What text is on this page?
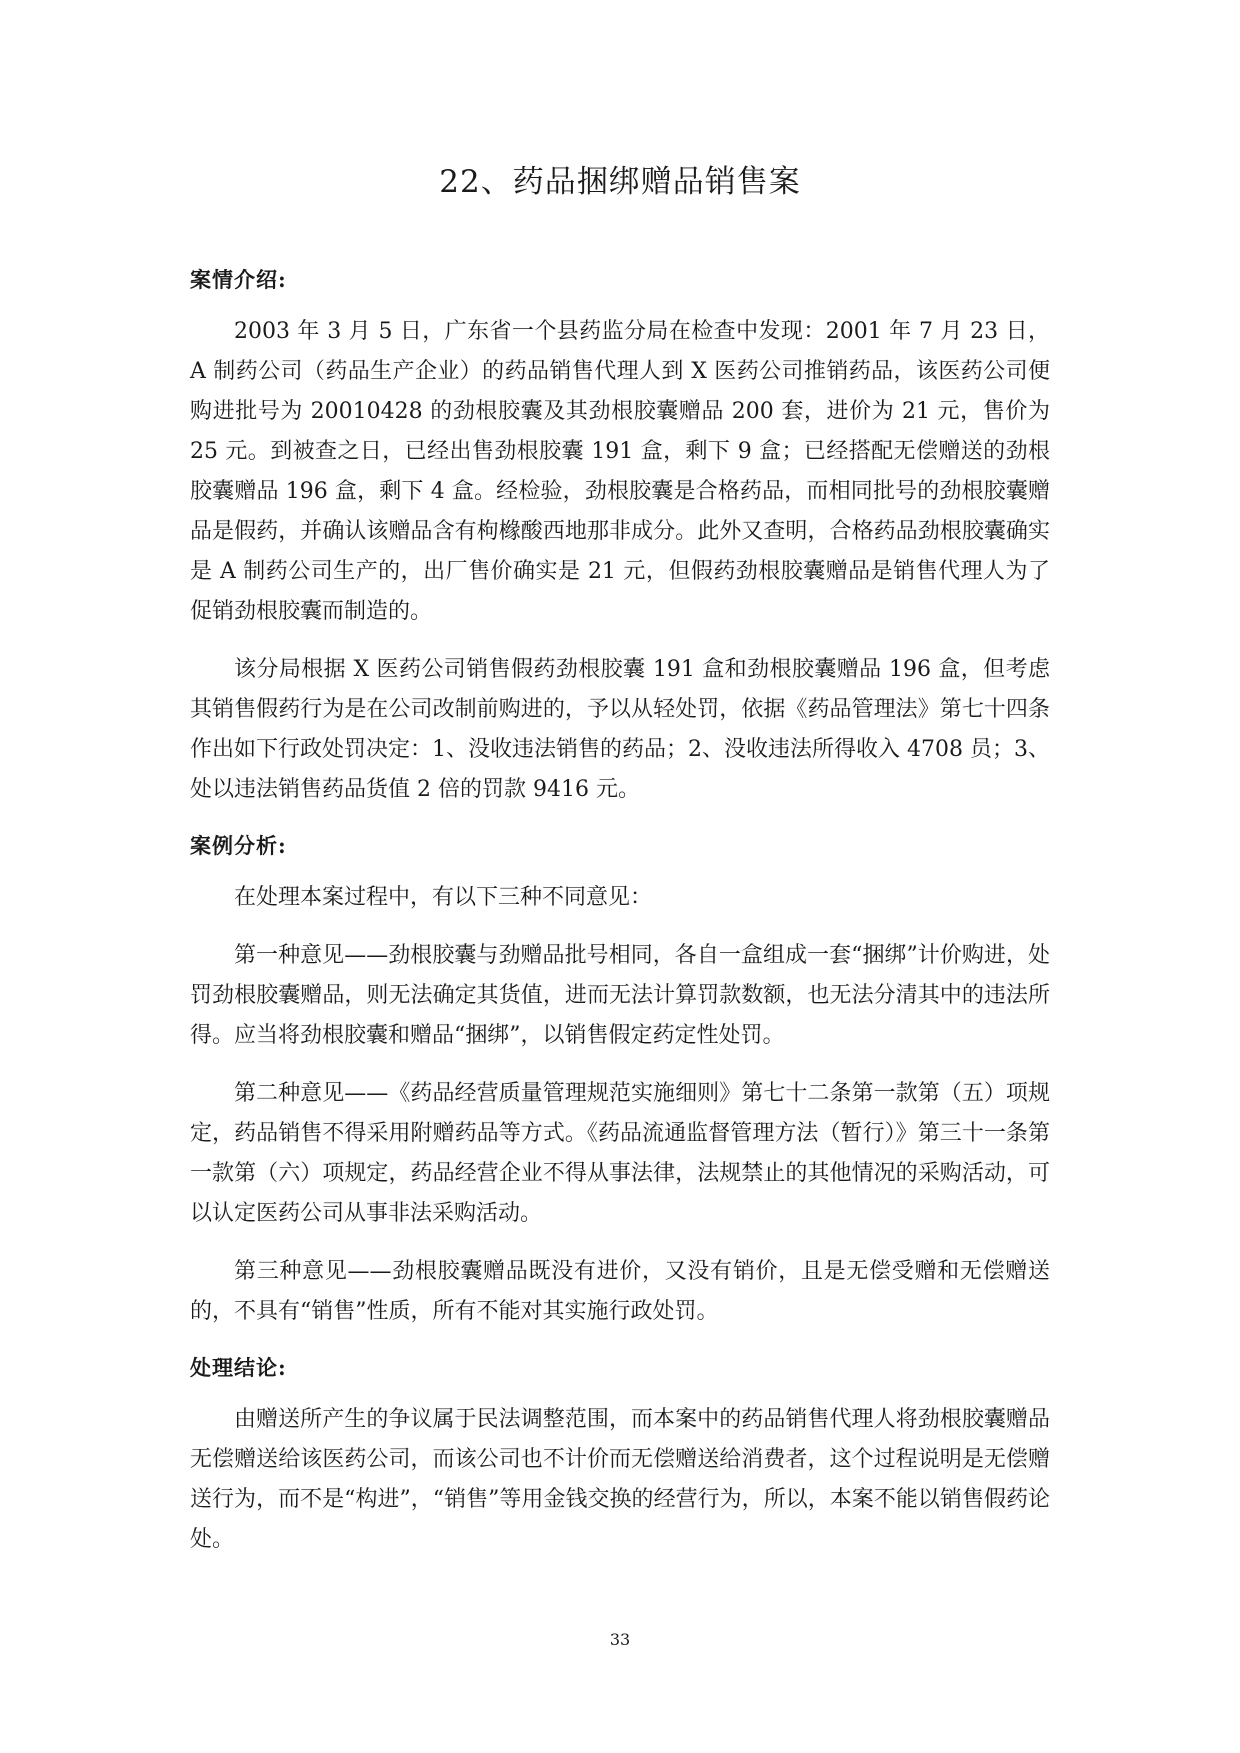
22、药品捆绑赠品销售案
案情介绍:

2003 年 3 月 5 日，广东省一个县药监分局在检查中发现：2001 年 7 月 23 日，A 制药公司（药品生产企业）的药品销售代理人到 X 医药公司推销药品，该医药公司便购进批号为 20010428 的劲根胶囊及其劲根胶囊赠品 200 套，进价为 21 元，售价为 25 元。到被查之日，已经出售劲根胶囊 191 盒，剩下 9 盒；已经搭配无偿赠送的劲根胶囊赠品 196 盒，剩下 4 盒。经检验，劲根胶囊是合格药品，而相同批号的劲根胶囊赠品是假药，并确认该赠品含有枸橼酸西地那非成分。此外又查明，合格药品劲根胶囊确实是 A 制药公司生产的，出厂售价确实是 21 元，但假药劲根胶囊赠品是销售代理人为了促销劲根胶囊而制造的。

该分局根据 X 医药公司销售假药劲根胶囊 191 盒和劲根胶囊赠品 196 盒，但考虑其销售假药行为是在公司改制前购进的，予以从轻处罚，依据《药品管理法》第七十四条作出如下行政处罚决定：1、没收违法销售的药品；2、没收违法所得收入 4708 员；3、处以违法销售药品货值 2 倍的罚款 9416 元。

案例分析:

在处理本案过程中，有以下三种不同意见：

第一种意见——劲根胶囊与劲赠品批号相同，各自一盒组成一套“捆绑”计价购进，处罚劲根胶囊赠品，则无法确定其货值，进而无法计算罚款数额，也无法分清其中的违法所得。应当将劲根胶囊和赠品“捆绑”，以销售假定药定性处罚。

第二种意见——《药品经营质量管理规范实施细则》第七十二条第一款第（五）项规定，药品销售不得采用附赠药品等方式。《药品流通监督管理方法（暂行）》第三十一条第一款第（六）项规定，药品经营企业不得从事法律，法规禁止的其他情况的采购活动，可以认定医药公司从事非法采购活动。

第三种意见——劲根胶囊赠品既没有进价，又没有销价，且是无偿受赠和无偿赠送的，不具有“销售”性质，所有不能对其实施行政处罚。

处理结论:

由赠送所产生的争议属于民法调整范围，而本案中的药品销售代理人将劲根胶囊赠品无偿赠送给该医药公司，而该公司也不计价而无偿赠送给消费者，这个过程说明是无偿赠送行为，而不是“构进”，“销售”等用金钱交换的经营行为，所以，本案不能以销售假药论处。

33
